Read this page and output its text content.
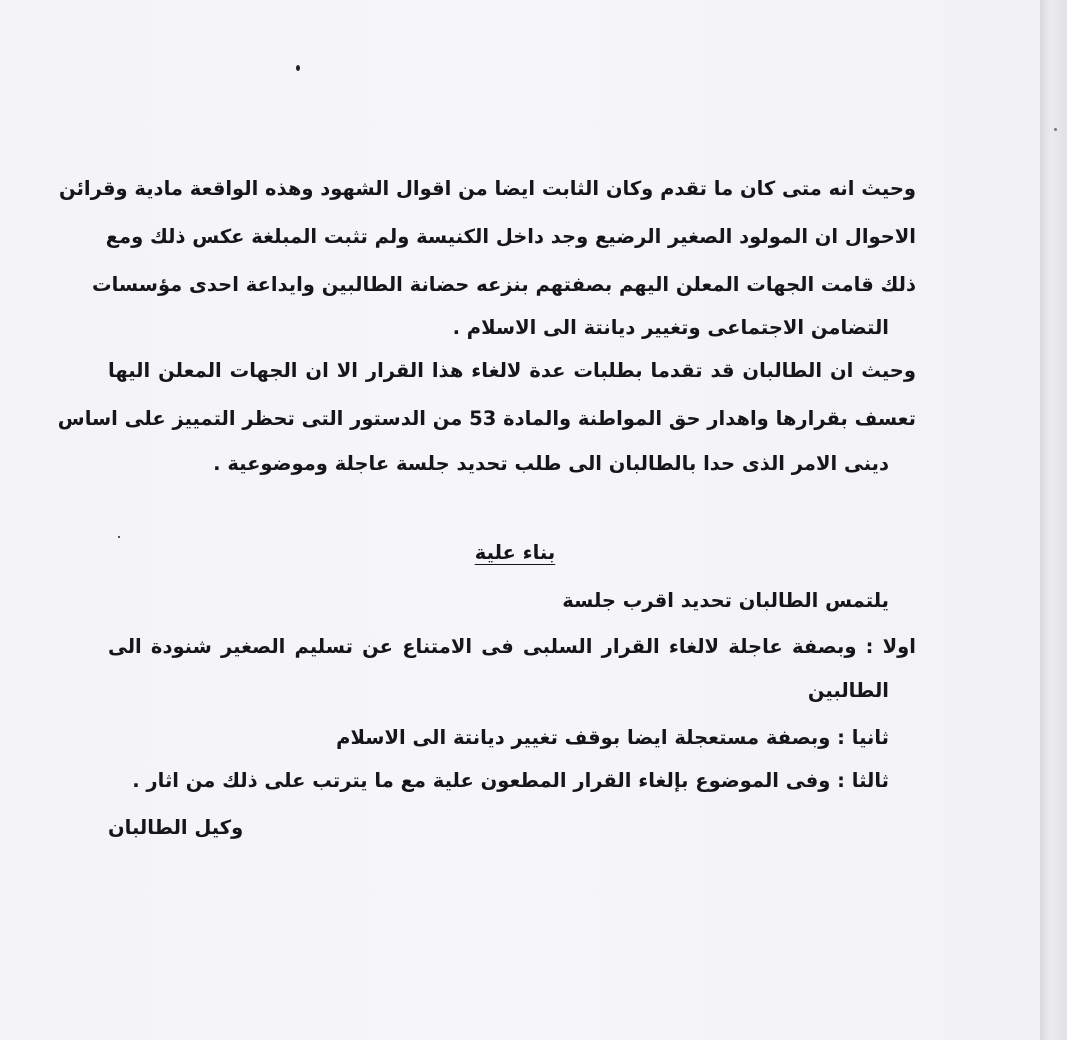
وحيث انه متى كان ما تقدم وكان الثابت ايضا من اقوال الشهود وهذه الواقعة مادية وقرائن
الاحوال ان المولود الصغير الرضيع وجد داخل الكنيسة ولم تثبت المبلغة عكس ذلك ومع
ذلك قامت الجهات المعلن اليهم بصفتهم بنزعه حضانة الطالبين وايداعة احدى مؤسسات
التضامن الاجتماعى وتغيير ديانتة الى الاسلام .
وحيث ان الطالبان قد تقدما بطلبات عدة لالغاء هذا القرار الا ان الجهات المعلن اليها
تعسف بقرارها واهدار حق المواطنة والمادة 53 من الدستور التى تحظر التمييز على اساس
دينى الامر الذى حدا بالطالبان الى طلب تحديد جلسة عاجلة وموضوعية .
بناء علية
يلتمس الطالبان تحديد اقرب جلسة
اولا : وبصفة عاجلة لالغاء القرار السلبى فى الامتناع عن تسليم الصغير شنودة الى
الطالبين
ثانيا : وبصفة مستعجلة ايضا بوقف تغيير ديانتة الى الاسلام
ثالثا : وفى الموضوع بإلغاء القرار المطعون علية مع ما يترتب على ذلك من اثار .
وكيل الطالبان
